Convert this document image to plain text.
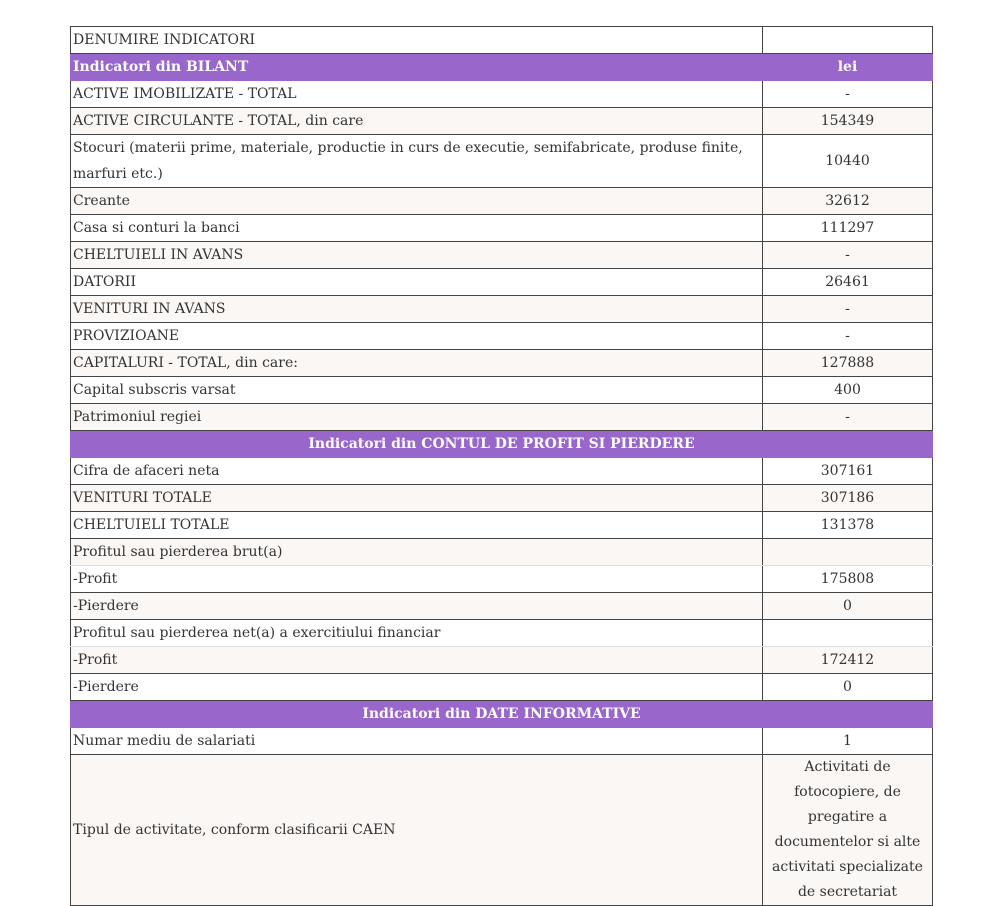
DENUMIRE INDICATORI	
Indicatori din BILANT	lei
ACTIVE IMOBILIZATE - TOTAL	-
ACTIVE CIRCULANTE - TOTAL, din care	154349
Stocuri (materii prime, materiale, productie in curs de executie, semifabricate, produse finite, marfuri etc.)	10440
Creante	32612
Casa si conturi la banci	111297
CHELTUIELI IN AVANS	-
DATORII	26461
VENITURI IN AVANS	-
PROVIZIOANE	-
CAPITALURI - TOTAL, din care:	127888
Capital subscris varsat	400
Patrimoniul regiei	-
Indicatori din CONTUL DE PROFIT SI PIERDERE	
Cifra de afaceri neta	307161
VENITURI TOTALE	307186
CHELTUIELI TOTALE	131378
Profitul sau pierderea brut(a)	
-Profit	175808
-Pierdere	0
Profitul sau pierderea net(a) a exercitiului financiar	
-Profit	172412
-Pierdere	0
Indicatori din DATE INFORMATIVE	
Numar mediu de salariati	1
Tipul de activitate, conform clasificarii CAEN	Activitati de fotocopiere, de pregatire a documentelor si alte activitati specializate de secretariat
